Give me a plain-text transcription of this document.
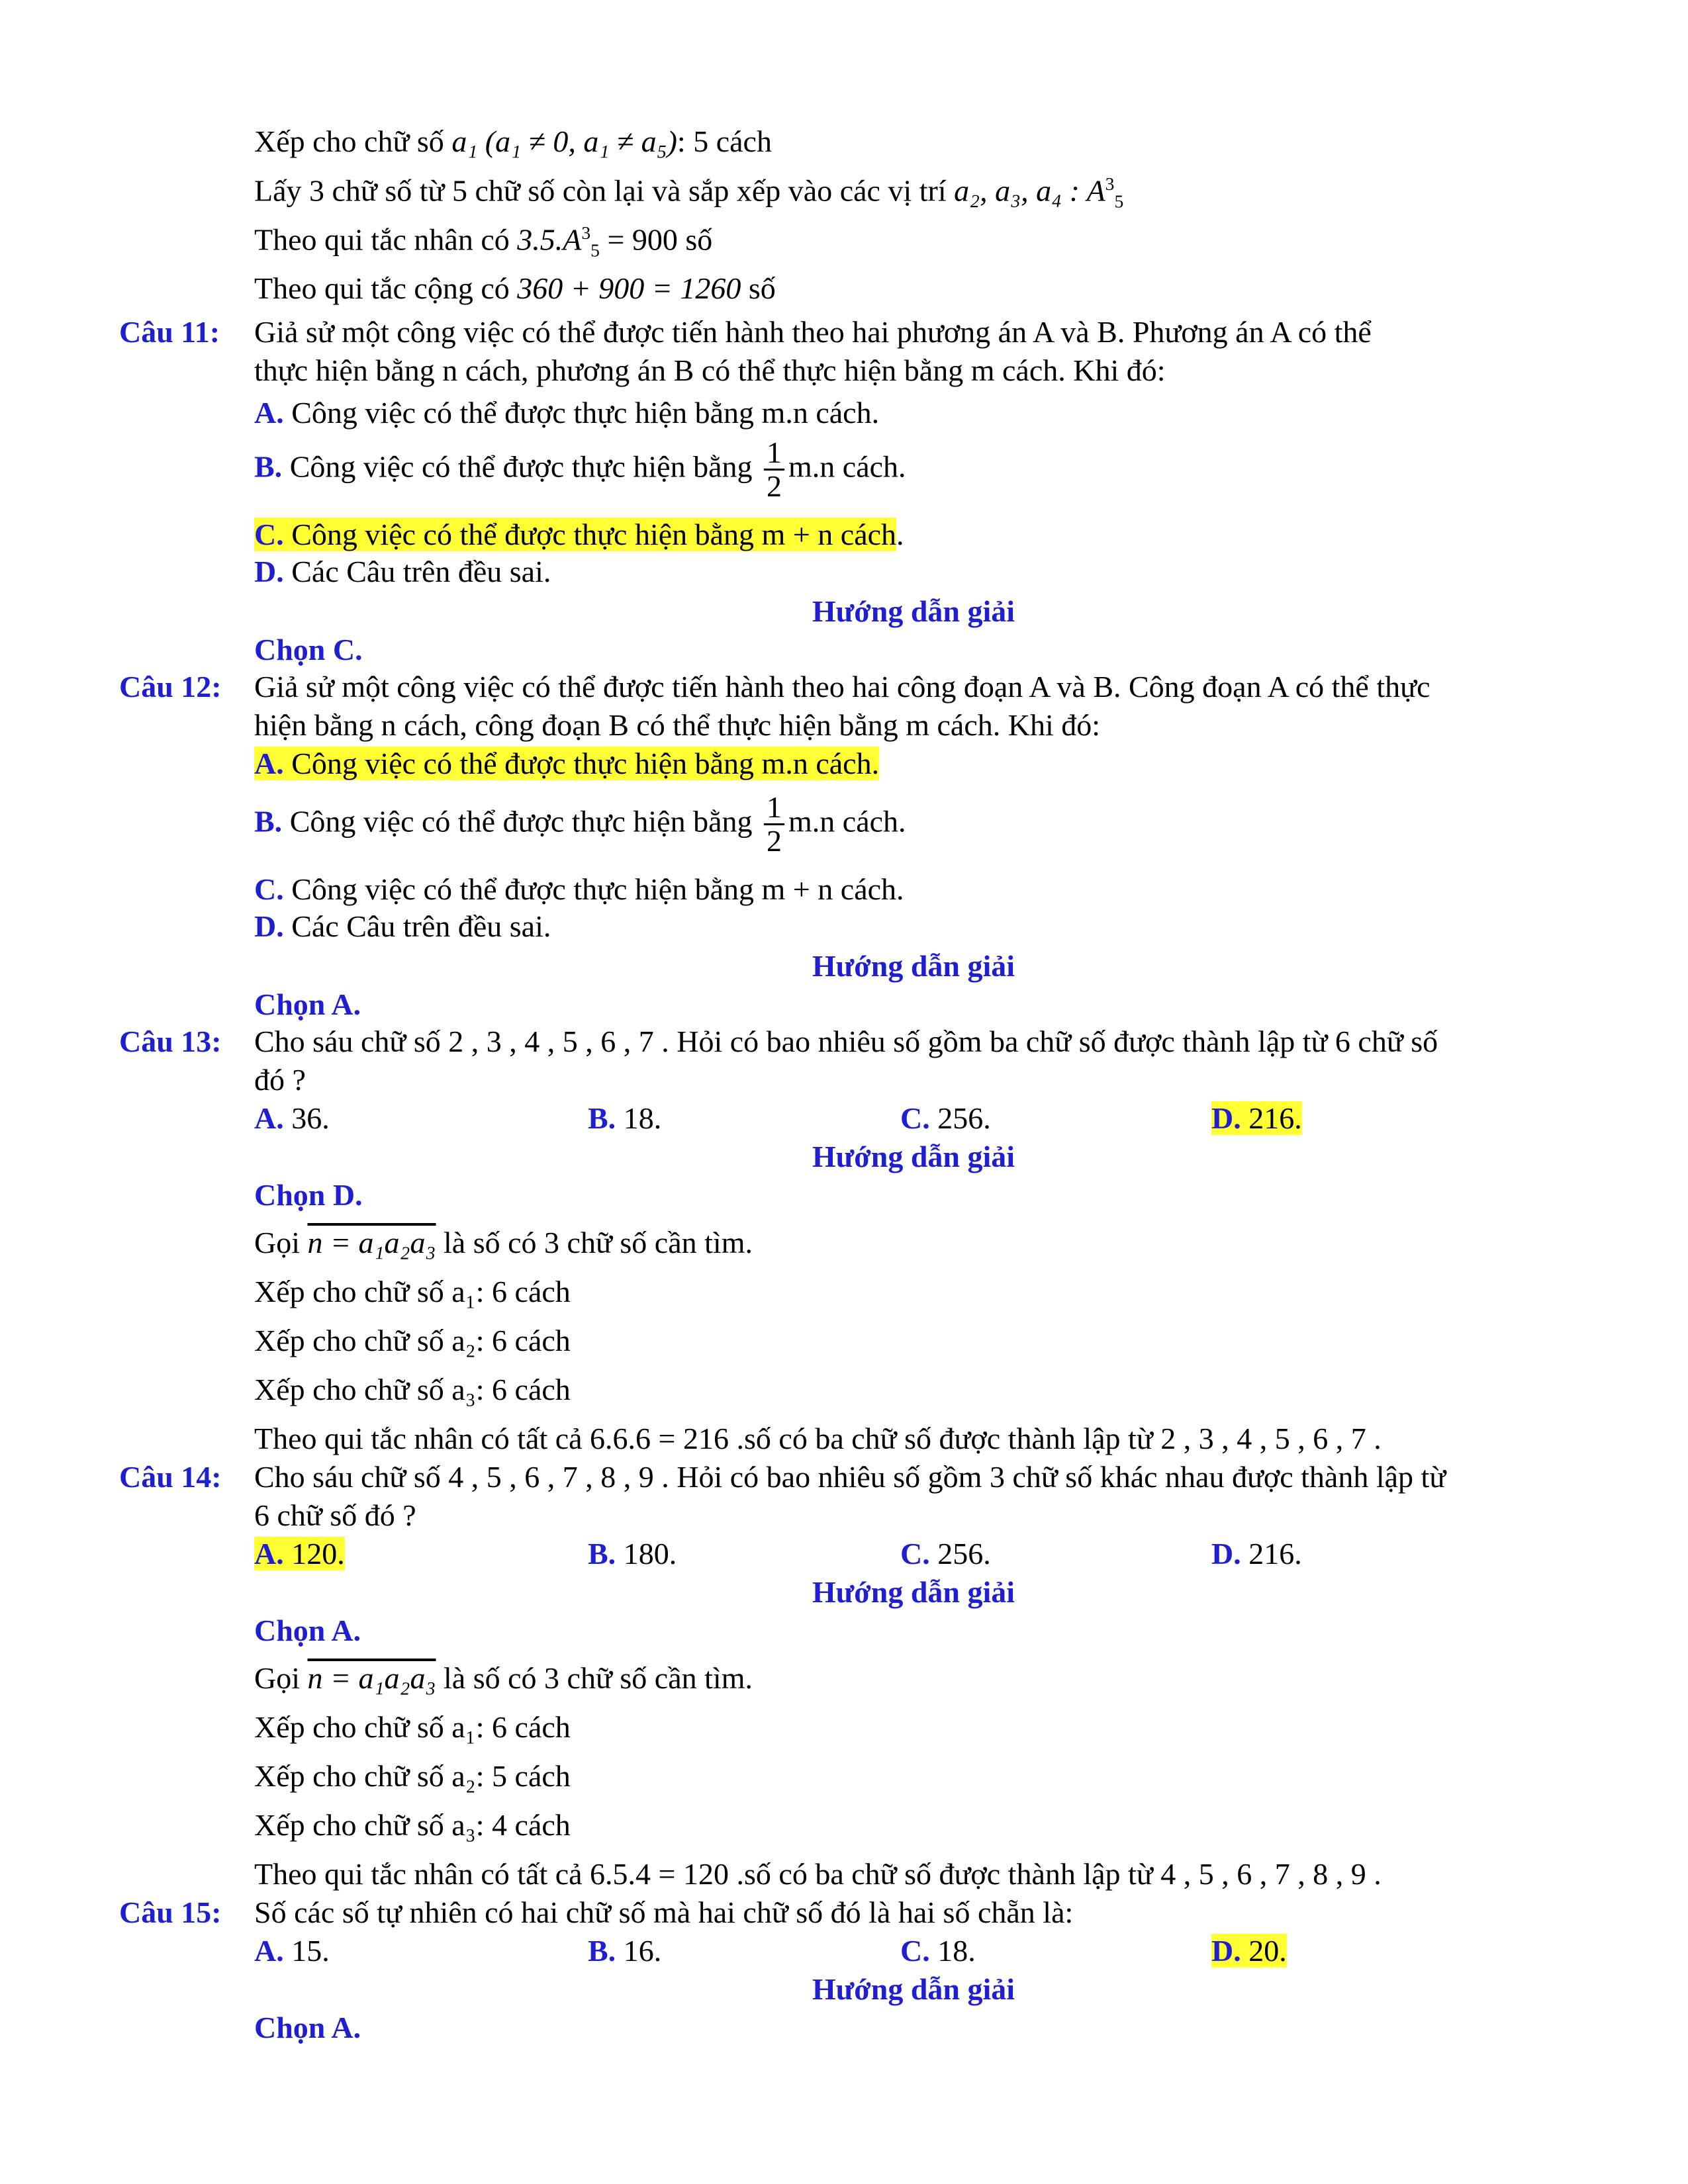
Xếp cho chữ số a₁ (a₁ ≠ 0, a₁ ≠ a₅): 5 cách
Lấy 3 chữ số từ 5 chữ số còn lại và sắp xếp vào các vị trí a₂, a₃, a₄ : $A^3_5$
Theo qui tắc nhân có $3.5.A^3_5 = 900$ số
Theo qui tắc cộng có 360 + 900 = 1260 số
Câu 11: Giả sử một công việc có thể được tiến hành theo hai phương án A và B. Phương án A có thể
thực hiện bằng n cách, phương án B có thể thực hiện bằng m cách. Khi đó:
A. Công việc có thể được thực hiện bằng m.n cách.
B. Công việc có thể được thực hiện bằng $\frac{1}{2} m.n$ cách.
C. Công việc có thể được thực hiện bằng m + n cách.
D. Các Câu trên đều sai.
Hướng dẫn giải
Chọn C.
Câu 12: Giả sử một công việc có thể được tiến hành theo hai công đoạn A và B. Công đoạn A có thể thực
hiện bằng n cách, công đoạn B có thể thực hiện bằng m cách. Khi đó:
A. Công việc có thể được thực hiện bằng m.n cách.
B. Công việc có thể được thực hiện bằng $\frac{1}{2} m.n$ cách.
C. Công việc có thể được thực hiện bằng m + n cách.
D. Các Câu trên đều sai.
Hướng dẫn giải
Chọn A.
Câu 13: Cho sáu chữ số 2 , 3 , 4 , 5 , 6 , 7 . Hỏi có bao nhiêu số gồm ba chữ số được thành lập từ 6 chữ số
đó ?
A. 36.	B. 18.	C. 256.	D. 216.
Hướng dẫn giải
Chọn D.
Gọi n = a₁a₂a₃ là số có 3 chữ số cần tìm.
Xếp cho chữ số a₁: 6 cách
Xếp cho chữ số a₂: 6 cách
Xếp cho chữ số a₃: 6 cách
Theo qui tắc nhân có tất cả 6.6.6 = 216 .số có ba chữ số được thành lập từ 2 , 3 , 4 , 5 , 6 , 7 .
Câu 14: Cho sáu chữ số 4 , 5 , 6 , 7 , 8 , 9 . Hỏi có bao nhiêu số gồm 3 chữ số khác nhau được thành lập từ
6 chữ số đó ?
A. 120.	B. 180.	C. 256.	D. 216.
Hướng dẫn giải
Chọn A.
Gọi n = a₁a₂a₃ là số có 3 chữ số cần tìm.
Xếp cho chữ số a₁: 6 cách
Xếp cho chữ số a₂: 5 cách
Xếp cho chữ số a₃: 4 cách
Theo qui tắc nhân có tất cả 6.5.4 = 120 .số có ba chữ số được thành lập từ 4 , 5 , 6 , 7 , 8 , 9 .
Câu 15: Số các số tự nhiên có hai chữ số mà hai chữ số đó là hai số chẵn là:
A. 15.	B. 16.	C. 18.	D. 20.
Hướng dẫn giải
Chọn A.
